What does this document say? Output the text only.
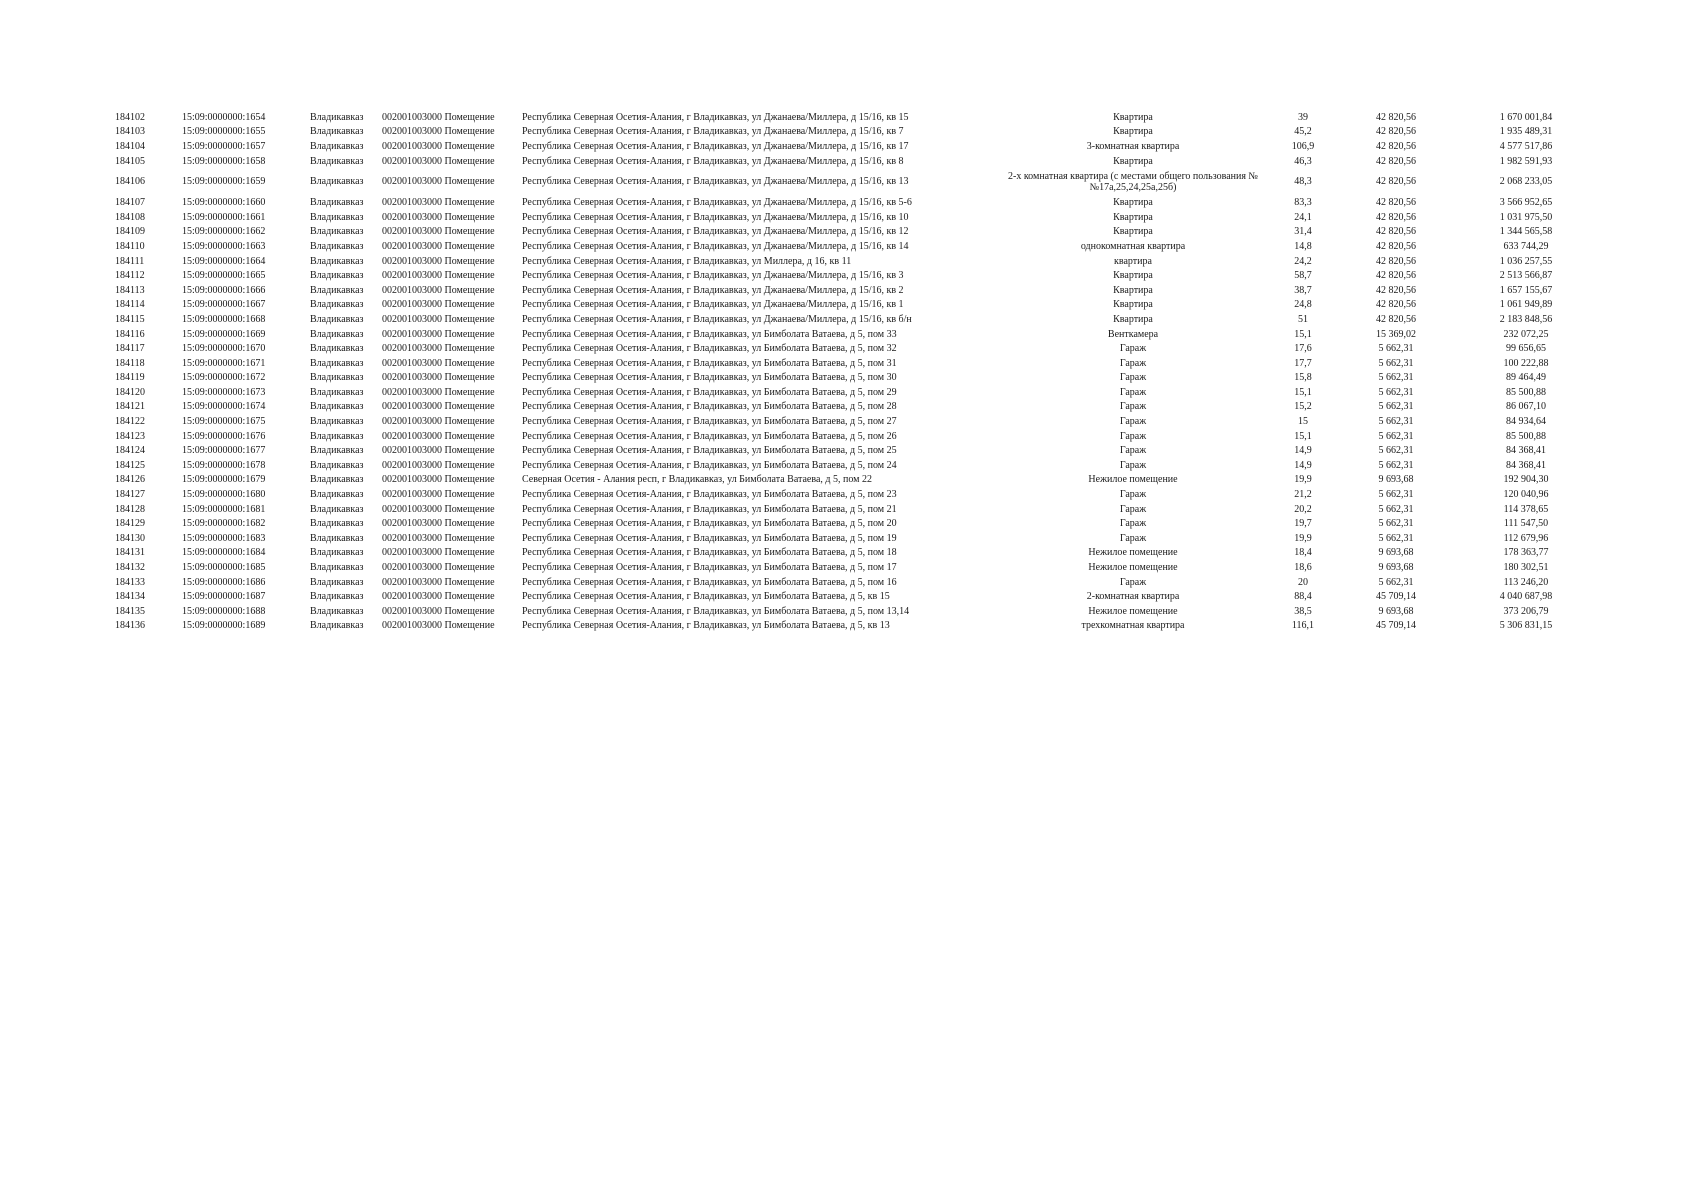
184102	15:09:0000000:1654	Владикавказ	002001003000 Помещение	Республика Северная Осетия-Алания, г Владикавказ, ул Джанаева/Миллера, д 15/16, кв 15	Квартира	39	42 820,56	1 670 001,84	
184103	15:09:0000000:1655	Владикавказ	002001003000 Помещение	Республика Северная Осетия-Алания, г Владикавказ, ул Джанаева/Миллера, д 15/16, кв 7	Квартира	45,2	42 820,56	1 935 489,31	
184104	15:09:0000000:1657	Владикавказ	002001003000 Помещение	Республика Северная Осетия-Алания, г Владикавказ, ул Джанаева/Миллера, д 15/16, кв 17	3-комнатная квартира	106,9	42 820,56	4 577 517,86	
184105	15:09:0000000:1658	Владикавказ	002001003000 Помещение	Республика Северная Осетия-Алания, г Владикавказ, ул Джанаева/Миллера, д 15/16, кв 8	Квартира	46,3	42 820,56	1 982 591,93	
184106	15:09:0000000:1659	Владикавказ	002001003000 Помещение	Республика Северная Осетия-Алания, г Владикавказ, ул Джанаева/Миллера, д 15/16, кв 13	2-х комнатная квартира (с местами общего пользования №№17а,25,24,25а,25б)	48,3	42 820,56	2 068 233,05	
184107	15:09:0000000:1660	Владикавказ	002001003000 Помещение	Республика Северная Осетия-Алания, г Владикавказ, ул Джанаева/Миллера, д 15/16, кв 5-6	Квартира	83,3	42 820,56	3 566 952,65	
184108	15:09:0000000:1661	Владикавказ	002001003000 Помещение	Республика Северная Осетия-Алания, г Владикавказ, ул Джанаева/Миллера, д 15/16, кв 10	Квартира	24,1	42 820,56	1 031 975,50	
184109	15:09:0000000:1662	Владикавказ	002001003000 Помещение	Республика Северная Осетия-Алания, г Владикавказ, ул Джанаева/Миллера, д 15/16, кв 12	Квартира	31,4	42 820,56	1 344 565,58	
184110	15:09:0000000:1663	Владикавказ	002001003000 Помещение	Республика Северная Осетия-Алания, г Владикавказ, ул Джанаева/Миллера, д 15/16, кв 14	однокомнатная квартира	14,8	42 820,56	633 744,29	
184111	15:09:0000000:1664	Владикавказ	002001003000 Помещение	Республика Северная Осетия-Алания, г Владикавказ, ул Миллера, д 16, кв 11	квартира	24,2	42 820,56	1 036 257,55	
184112	15:09:0000000:1665	Владикавказ	002001003000 Помещение	Республика Северная Осетия-Алания, г Владикавказ, ул Джанаева/Миллера, д 15/16, кв 3	Квартира	58,7	42 820,56	2 513 566,87	
184113	15:09:0000000:1666	Владикавказ	002001003000 Помещение	Республика Северная Осетия-Алания, г Владикавказ, ул Джанаева/Миллера, д 15/16, кв 2	Квартира	38,7	42 820,56	1 657 155,67	
184114	15:09:0000000:1667	Владикавказ	002001003000 Помещение	Республика Северная Осетия-Алания, г Владикавказ, ул Джанаева/Миллера, д 15/16, кв 1	Квартира	24,8	42 820,56	1 061 949,89	
184115	15:09:0000000:1668	Владикавказ	002001003000 Помещение	Республика Северная Осетия-Алания, г Владикавказ, ул Джанаева/Миллера, д 15/16, кв б/н	Квартира	51	42 820,56	2 183 848,56	
184116	15:09:0000000:1669	Владикавказ	002001003000 Помещение	Республика Северная Осетия-Алания, г Владикавказ, ул Бимболата Ватаева, д 5, пом 33	Венткамера	15,1	15 369,02	232 072,25	
184117	15:09:0000000:1670	Владикавказ	002001003000 Помещение	Республика Северная Осетия-Алания, г Владикавказ, ул Бимболата Ватаева, д 5, пом 32	Гараж	17,6	5 662,31	99 656,65	
184118	15:09:0000000:1671	Владикавказ	002001003000 Помещение	Республика Северная Осетия-Алания, г Владикавказ, ул Бимболата Ватаева, д 5, пом 31	Гараж	17,7	5 662,31	100 222,88	
184119	15:09:0000000:1672	Владикавказ	002001003000 Помещение	Республика Северная Осетия-Алания, г Владикавказ, ул Бимболата Ватаева, д 5, пом 30	Гараж	15,8	5 662,31	89 464,49	
184120	15:09:0000000:1673	Владикавказ	002001003000 Помещение	Республика Северная Осетия-Алания, г Владикавказ, ул Бимболата Ватаева, д 5, пом 29	Гараж	15,1	5 662,31	85 500,88	
184121	15:09:0000000:1674	Владикавказ	002001003000 Помещение	Республика Северная Осетия-Алания, г Владикавказ, ул Бимболата Ватаева, д 5, пом 28	Гараж	15,2	5 662,31	86 067,10	
184122	15:09:0000000:1675	Владикавказ	002001003000 Помещение	Республика Северная Осетия-Алания, г Владикавказ, ул Бимболата Ватаева, д 5, пом 27	Гараж	15	5 662,31	84 934,64	
184123	15:09:0000000:1676	Владикавказ	002001003000 Помещение	Республика Северная Осетия-Алания, г Владикавказ, ул Бимболата Ватаева, д 5, пом 26	Гараж	15,1	5 662,31	85 500,88	
184124	15:09:0000000:1677	Владикавказ	002001003000 Помещение	Республика Северная Осетия-Алания, г Владикавказ, ул Бимболата Ватаева, д 5, пом 25	Гараж	14,9	5 662,31	84 368,41	
184125	15:09:0000000:1678	Владикавказ	002001003000 Помещение	Республика Северная Осетия-Алания, г Владикавказ, ул Бимболата Ватаева, д 5, пом 24	Гараж	14,9	5 662,31	84 368,41	
184126	15:09:0000000:1679	Владикавказ	002001003000 Помещение	Северная Осетия - Алания респ, г Владикавказ, ул Бимболата Ватаева, д 5, пом 22	Нежилое помещение	19,9	9 693,68	192 904,30	
184127	15:09:0000000:1680	Владикавказ	002001003000 Помещение	Республика Северная Осетия-Алания, г Владикавказ, ул Бимболата Ватаева, д 5, пом 23	Гараж	21,2	5 662,31	120 040,96	
184128	15:09:0000000:1681	Владикавказ	002001003000 Помещение	Республика Северная Осетия-Алания, г Владикавказ, ул Бимболата Ватаева, д 5, пом 21	Гараж	20,2	5 662,31	114 378,65	
184129	15:09:0000000:1682	Владикавказ	002001003000 Помещение	Республика Северная Осетия-Алания, г Владикавказ, ул Бимболата Ватаева, д 5, пом 20	Гараж	19,7	5 662,31	111 547,50	
184130	15:09:0000000:1683	Владикавказ	002001003000 Помещение	Республика Северная Осетия-Алания, г Владикавказ, ул Бимболата Ватаева, д 5, пом 19	Гараж	19,9	5 662,31	112 679,96	
184131	15:09:0000000:1684	Владикавказ	002001003000 Помещение	Республика Северная Осетия-Алания, г Владикавказ, ул Бимболата Ватаева, д 5, пом 18	Нежилое помещение	18,4	9 693,68	178 363,77	
184132	15:09:0000000:1685	Владикавказ	002001003000 Помещение	Республика Северная Осетия-Алания, г Владикавказ, ул Бимболата Ватаева, д 5, пом 17	Нежилое помещение	18,6	9 693,68	180 302,51	
184133	15:09:0000000:1686	Владикавказ	002001003000 Помещение	Республика Северная Осетия-Алания, г Владикавказ, ул Бимболата Ватаева, д 5, пом 16	Гараж	20	5 662,31	113 246,20	
184134	15:09:0000000:1687	Владикавказ	002001003000 Помещение	Республика Северная Осетия-Алания, г Владикавказ, ул Бимболата Ватаева, д 5, кв 15	2-комнатная квартира	88,4	45 709,14	4 040 687,98	
184135	15:09:0000000:1688	Владикавказ	002001003000 Помещение	Республика Северная Осетия-Алания, г Владикавказ, ул Бимболата Ватаева, д 5, пом 13,14	Нежилое помещение	38,5	9 693,68	373 206,79	
184136	15:09:0000000:1689	Владикавказ	002001003000 Помещение	Республика Северная Осетия-Алания, г Владикавказ, ул Бимболата Ватаева, д 5, кв 13	трехкомнатная квартира	116,1	45 709,14	5 306 831,15	
